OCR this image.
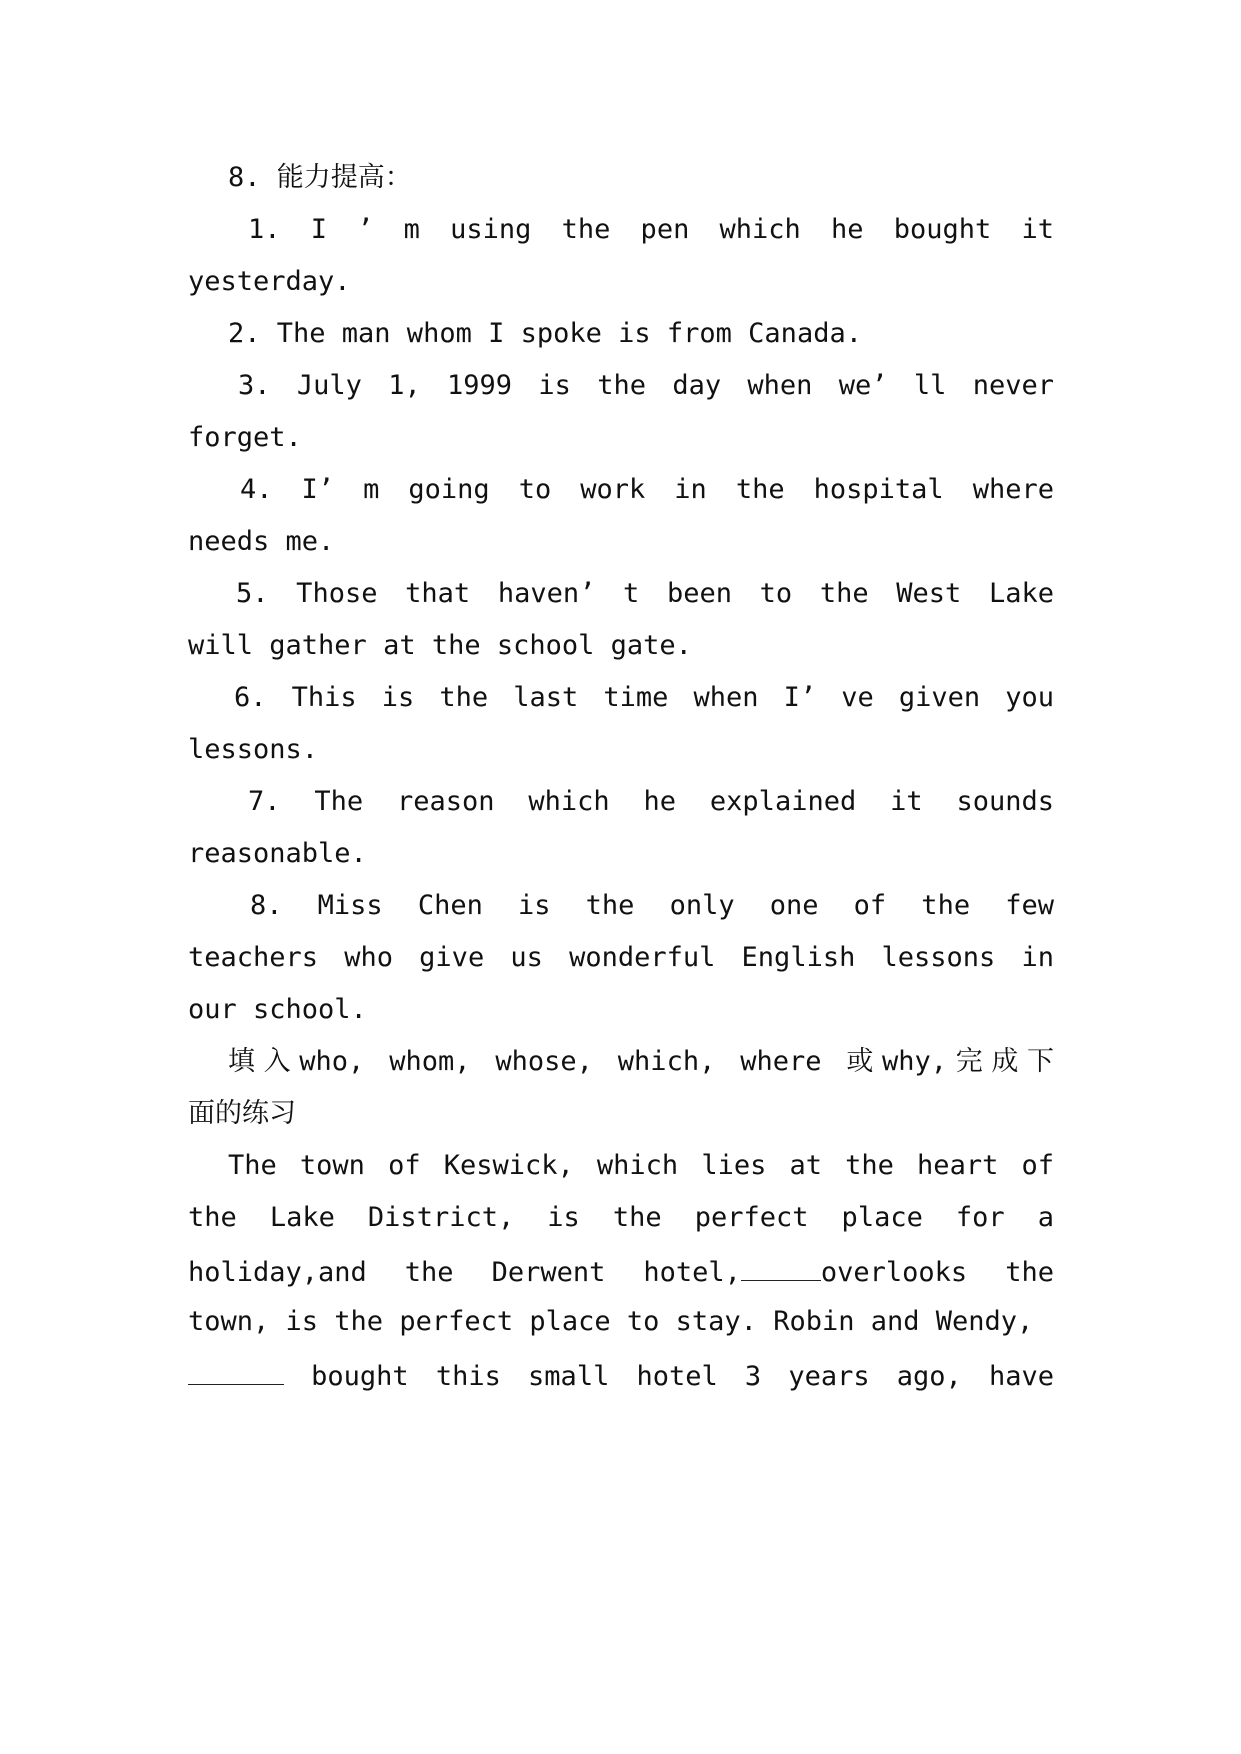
8. 能力提高：
1. I ’ m using the pen which he bought it
yesterday.
2. The man whom I spoke is from Canada.
3. July 1, 1999 is the day when we’ ll never
forget.
4. I’ m going to work in the hospital where
needs me.
5. Those that haven’ t been to the West Lake
will gather at the school gate.
6. This is the last time when I’ ve given you
lessons.
7. The reason which he explained it sounds
reasonable.
8. Miss Chen is the only one of the few
teachers who give us wonderful English lessons in
our school.
填入who, whom, whose, which, where 或why,完成下
面的练习
The town of Keswick, which lies at the heart of
the Lake District, is the perfect place for a
holiday,and the Derwent hotel,	overlooks the
town, is the perfect place to stay. Robin and Wendy,
bought this small hotel 3 years ago, have
